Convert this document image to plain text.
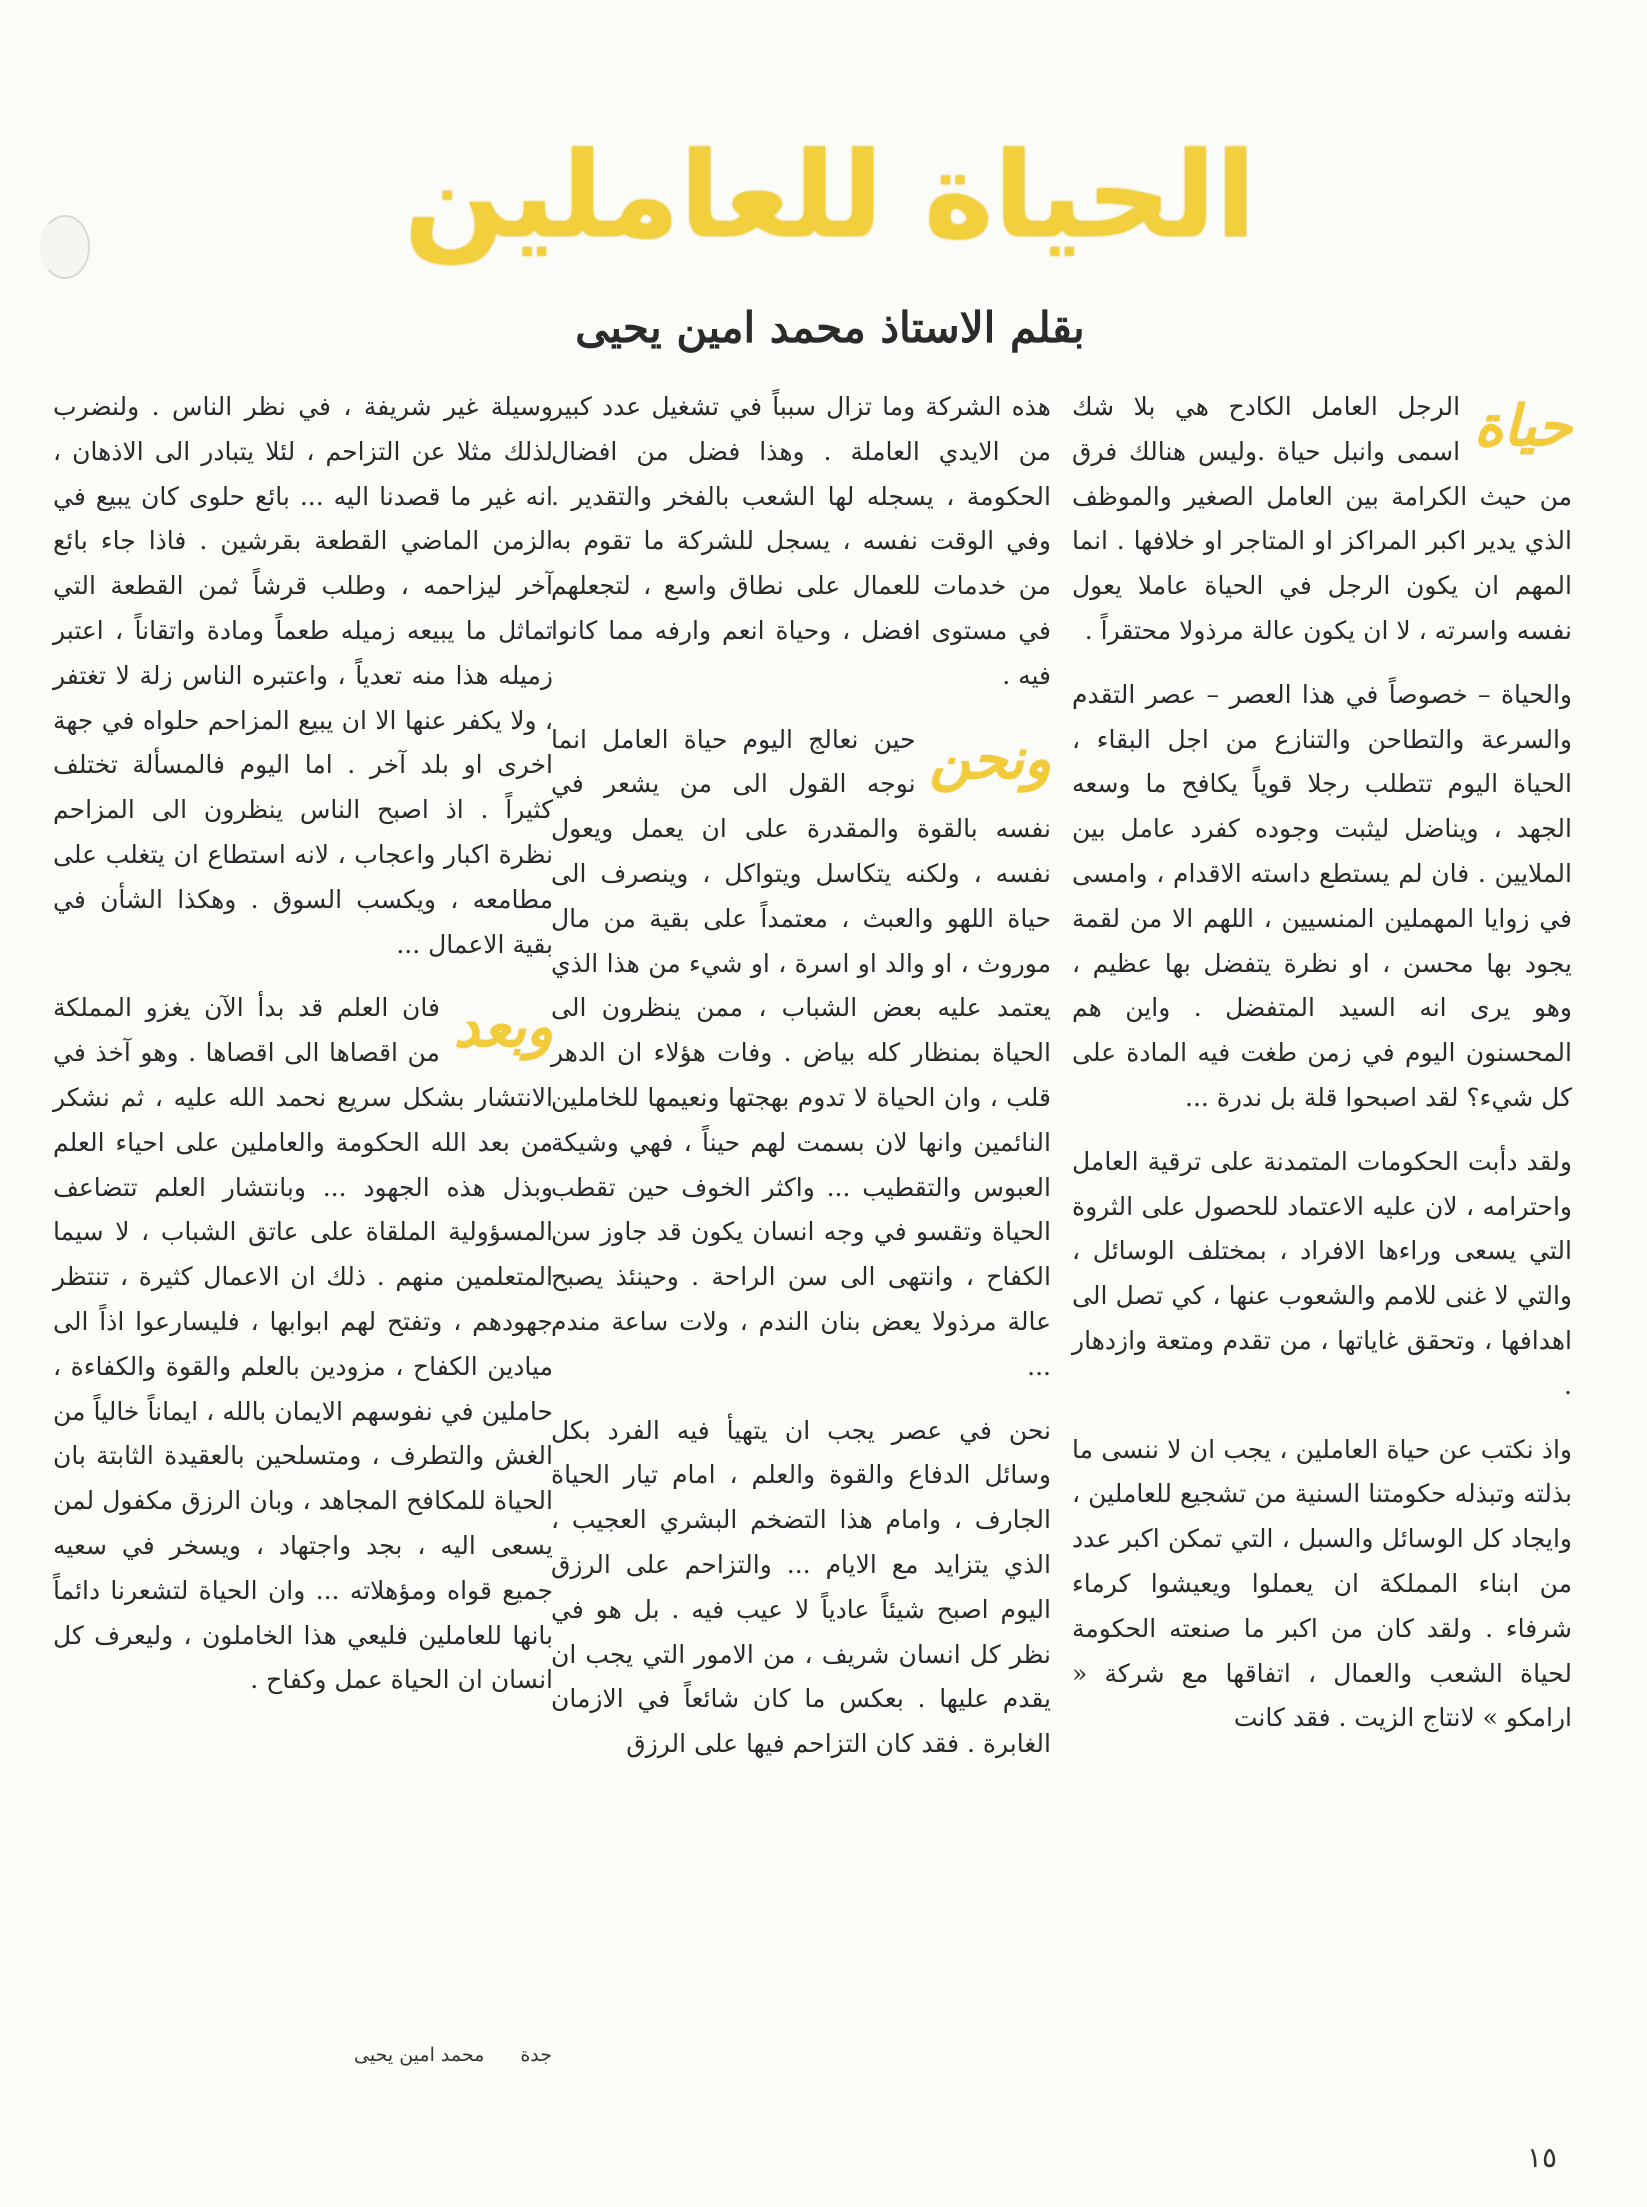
الحياة للعاملين
بقلم الاستاذ محمد امين يحيى

حياة
الرجل العامل الكادح هي بلا شك اسمى وانبل حياة .وليس هنالك فرق من حيث الكرامة بين العامل الصغير والموظف الذي يدير اكبر المراكز او المتاجر او خلافها . انما المهم ان يكون الرجل في الحياة عاملا يعول نفسه واسرته ، لا ان يكون عالة مرذولا محتقراً .

والحياة – خصوصاً في هذا العصر – عصر التقدم والسرعة والتطاحن والتنازع من اجل البقاء ، الحياة اليوم تتطلب رجلا قوياً يكافح ما وسعه الجهد ، ويناضل ليثبت وجوده كفرد عامل بين الملايين . فان لم يستطع داسته الاقدام ، وامسى في زوايا المهملين المنسيين ، اللهم الا من لقمة يجود بها محسن ، او نظرة يتفضل بها عظيم ، وهو يرى انه السيد المتفضل . واين هم المحسنون اليوم في زمن طغت فيه المادة على كل شيء؟ لقد اصبحوا قلة بل ندرة ...

ولقد دأبت الحكومات المتمدنة على ترقية العامل واحترامه ، لان عليه الاعتماد للحصول على الثروة التي يسعى وراءها الافراد ، بمختلف الوسائل ، والتي لا غنى للامم والشعوب عنها ، كي تصل الى اهدافها ، وتحقق غاياتها ، من تقدم ومتعة وازدهار .

واذ نكتب عن حياة العاملين ، يجب ان لا ننسى ما بذلته وتبذله حكومتنا السنية من تشجيع للعاملين ، وايجاد كل الوسائل والسبل ، التي تمكن اكبر عدد من ابناء المملكة ان يعملوا ويعيشوا كرماء شرفاء . ولقد كان من اكبر ما صنعته الحكومة لحياة الشعب والعمال ، اتفاقها مع شركة « ارامكو » لانتاج الزيت . فقد كانت

هذه الشركة وما تزال سبباً في تشغيل عدد كبير من الايدي العاملة . وهذا فضل من افضال الحكومة ، يسجله لها الشعب بالفخر والتقدير . وفي الوقت نفسه ، يسجل للشركة ما تقوم به من خدمات للعمال على نطاق واسع ، لتجعلهم في مستوى افضل ، وحياة انعم وارفه مما كانوا فيه .

ونحن
حين نعالج اليوم حياة العامل انما نوجه القول الى من يشعر في نفسه بالقوة والمقدرة على ان يعمل ويعول نفسه ، ولكنه يتكاسل ويتواكل ، وينصرف الى حياة اللهو والعبث ، معتمداً على بقية من مال موروث ، او والد او اسرة ، او شيء من هذا الذي يعتمد عليه بعض الشباب ، ممن ينظرون الى الحياة بمنظار كله بياض . وفات هؤلاء ان الدهر قلب ، وان الحياة لا تدوم بهجتها ونعيمها للخاملين النائمين وانها لان بسمت لهم حيناً ، فهي وشيكة العبوس والتقطيب ... واكثر الخوف حين تقطب الحياة وتقسو في وجه انسان يكون قد جاوز سن الكفاح ، وانتهى الى سن الراحة . وحينئذ يصبح عالة مرذولا يعض بنان الندم ، ولات ساعة مندم ...

نحن في عصر يجب ان يتهيأ فيه الفرد بكل وسائل الدفاع والقوة والعلم ، امام تيار الحياة الجارف ، وامام هذا التضخم البشري العجيب ، الذي يتزايد مع الايام ... والتزاحم على الرزق اليوم اصبح شيئاً عادياً لا عيب فيه . بل هو في نظر كل انسان شريف ، من الامور التي يجب ان يقدم عليها . بعكس ما كان شائعاً في الازمان الغابرة . فقد كان التزاحم فيها على الرزق

وسيلة غير شريفة ، في نظر الناس . ولنضرب لذلك مثلا عن التزاحم ، لئلا يتبادر الى الاذهان ، انه غير ما قصدنا اليه ... بائع حلوى كان يبيع في الزمن الماضي القطعة بقرشين . فاذا جاء بائع آخر ليزاحمه ، وطلب قرشاً ثمن القطعة التي تماثل ما يبيعه زميله طعماً ومادة واتقاناً ، اعتبر زميله هذا منه تعدياً ، واعتبره الناس زلة لا تغتفر ، ولا يكفر عنها الا ان يبيع المزاحم حلواه في جهة اخرى او بلد آخر . اما اليوم فالمسألة تختلف كثيراً . اذ اصبح الناس ينظرون الى المزاحم نظرة اكبار واعجاب ، لانه استطاع ان يتغلب على مطامعه ، ويكسب السوق . وهكذا الشأن في بقية الاعمال ...

وبعد
فان العلم قد بدأ الآن يغزو المملكة من اقصاها الى اقصاها . وهو آخذ في الانتشار بشكل سريع نحمد الله عليه ، ثم نشكر من بعد الله الحكومة والعاملين على احياء العلم وبذل هذه الجهود ... وبانتشار العلم تتضاعف المسؤولية الملقاة على عاتق الشباب ، لا سيما المتعلمين منهم . ذلك ان الاعمال كثيرة ، تنتظر جهودهم ، وتفتح لهم ابوابها ، فليسارعوا اذاً الى ميادين الكفاح ، مزودين بالعلم والقوة والكفاءة ، حاملين في نفوسهم الايمان بالله ، ايماناً خالياً من الغش والتطرف ، ومتسلحين بالعقيدة الثابتة بان الحياة للمكافح المجاهد ، وبان الرزق مكفول لمن يسعى اليه ، بجد واجتهاد ، ويسخر في سعيه جميع قواه ومؤهلاته ... وان الحياة لتشعرنا دائماً بانها للعاملين فليعي هذا الخاملون ، وليعرف كل انسان ان الحياة عمل وكفاح .

جدة
محمد امين يحيى
١٥
